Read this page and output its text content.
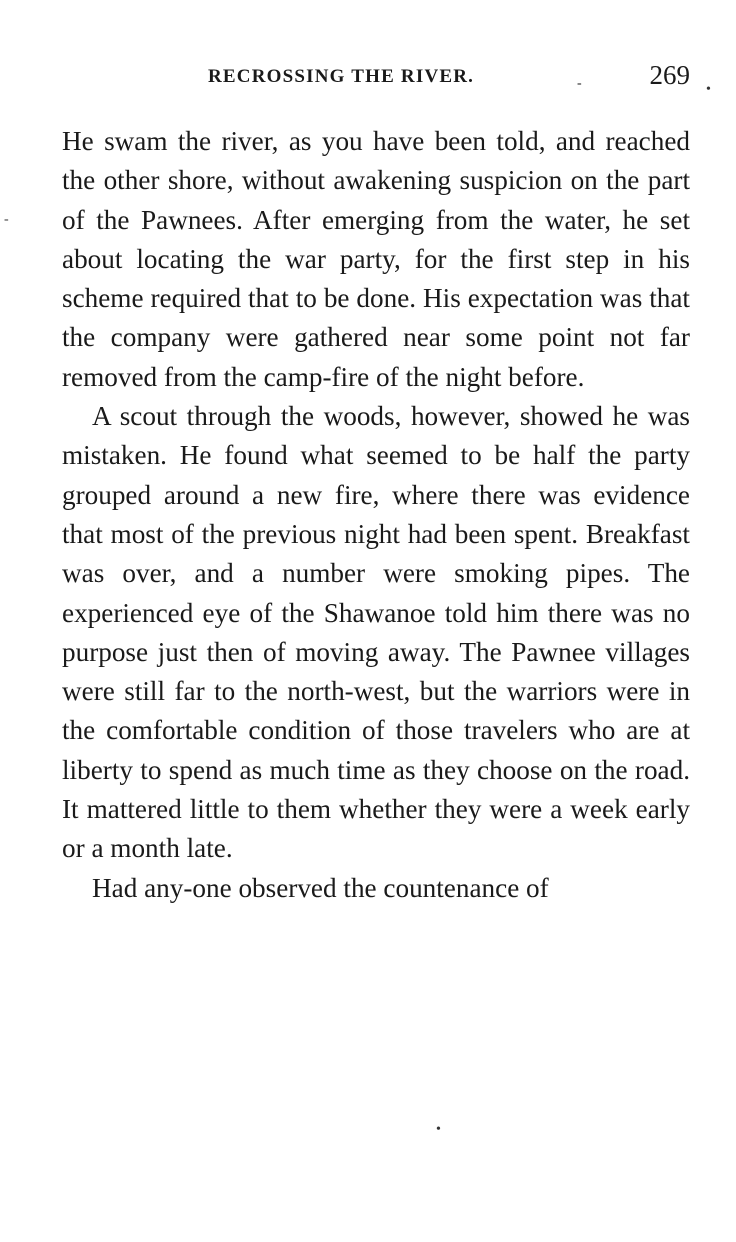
RECROSSING THE RIVER.	-	269 •
-

He swam the river, as you have been told, and reached the other shore, without awakening suspicion on the part of the Pawnees. After emerging from the water, he set about locating the war party, for the first step in his scheme required that to be done. His expectation was that the company were gathered near some point not far removed from the camp-fire of the night before.

A scout through the woods, however, showed he was mistaken. He found what seemed to be half the party grouped around a new fire, where there was evidence that most of the previous night had been spent. Breakfast was over, and a number were smoking pipes. The experienced eye of the Shawanoe told him there was no purpose just then of moving away. The Pawnee villages were still far to the north-west, but the warriors were in the comfortable condition of those travelers who are at liberty to spend as much time as they choose on the road. It mattered little to them whether they were a week early or a month late.

Had any-one observed the countenance of

•
